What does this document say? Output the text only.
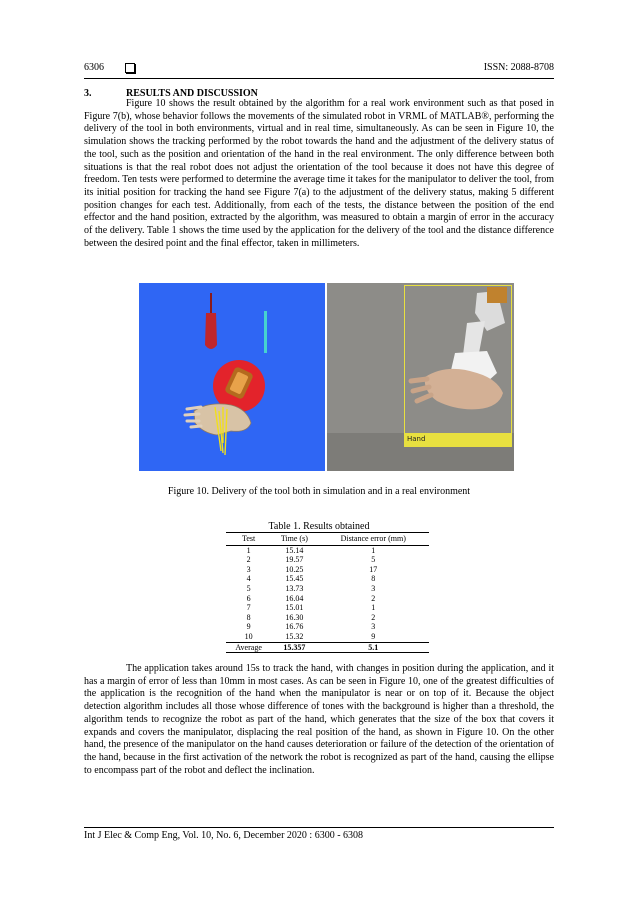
6306	ISSN: 2088-8708
3.	RESULTS AND DISCUSSION

Figure 10 shows the result obtained by the algorithm for a real work environment such as that posed in Figure 7(b), whose behavior follows the movements of the simulated robot in VRML of MATLAB®, performing the delivery of the tool in both environments, virtual and in real time, simultaneously. As can be seen in Figure 10, the simulation shows the tracking performed by the robot towards the hand and the adjustment of the delivery status of the tool, such as the position and orientation of the hand in the real environment. The only difference between both situations is that the real robot does not adjust the orientation of the tool because it does not have this degree of freedom. Ten tests were performed to determine the average time it takes for the manipulator to deliver the tool, from its initial position for tracking the hand see Figure 7(a) to the adjustment of the delivery status, making 5 different position changes for each test. Additionally, from each of the tests, the distance between the position of the end effector and the hand position, extracted by the algorithm, was measured to obtain a margin of error in the accuracy of the delivery. Table 1 shows the time used by the application for the delivery of the tool and the distance difference between the desired point and the final effector, taken in millimeters.

Hand
Figure 10. Delivery of the tool both in simulation and in a real environment
Table 1. Results obtained
Test	Time (s)	Distance error (mm)
1	15.14	1
2	19.57	5
3	10.25	17
4	15.45	8
5	13.73	3
6	16.04	2
7	15.01	1
8	16.30	2
9	16.76	3
10	15.32	9
Average	15.357	5.1

The application takes around 15s to track the hand, with changes in position during the application, and it has a margin of error of less than 10mm in most cases. As can be seen in Figure 10, one of the greatest difficulties of the application is the recognition of the hand when the manipulator is near or on top of it. Because the object detection algorithm includes all those whose difference of tones with the background is higher than a threshold, the algorithm tends to recognize the robot as part of the hand, which generates that the size of the box that covers it expands and covers the manipulator, displacing the real position of the hand, as shown in Figure 10. On the other hand, the presence of the manipulator on the hand causes deterioration or failure of the detection of the orientation of the hand, because in the first activation of the network the robot is recognized as part of the hand, causing the ellipse to encompass part of the robot and deflect the inclination.

Int J Elec & Comp Eng, Vol. 10, No. 6, December 2020 : 6300 - 6308
